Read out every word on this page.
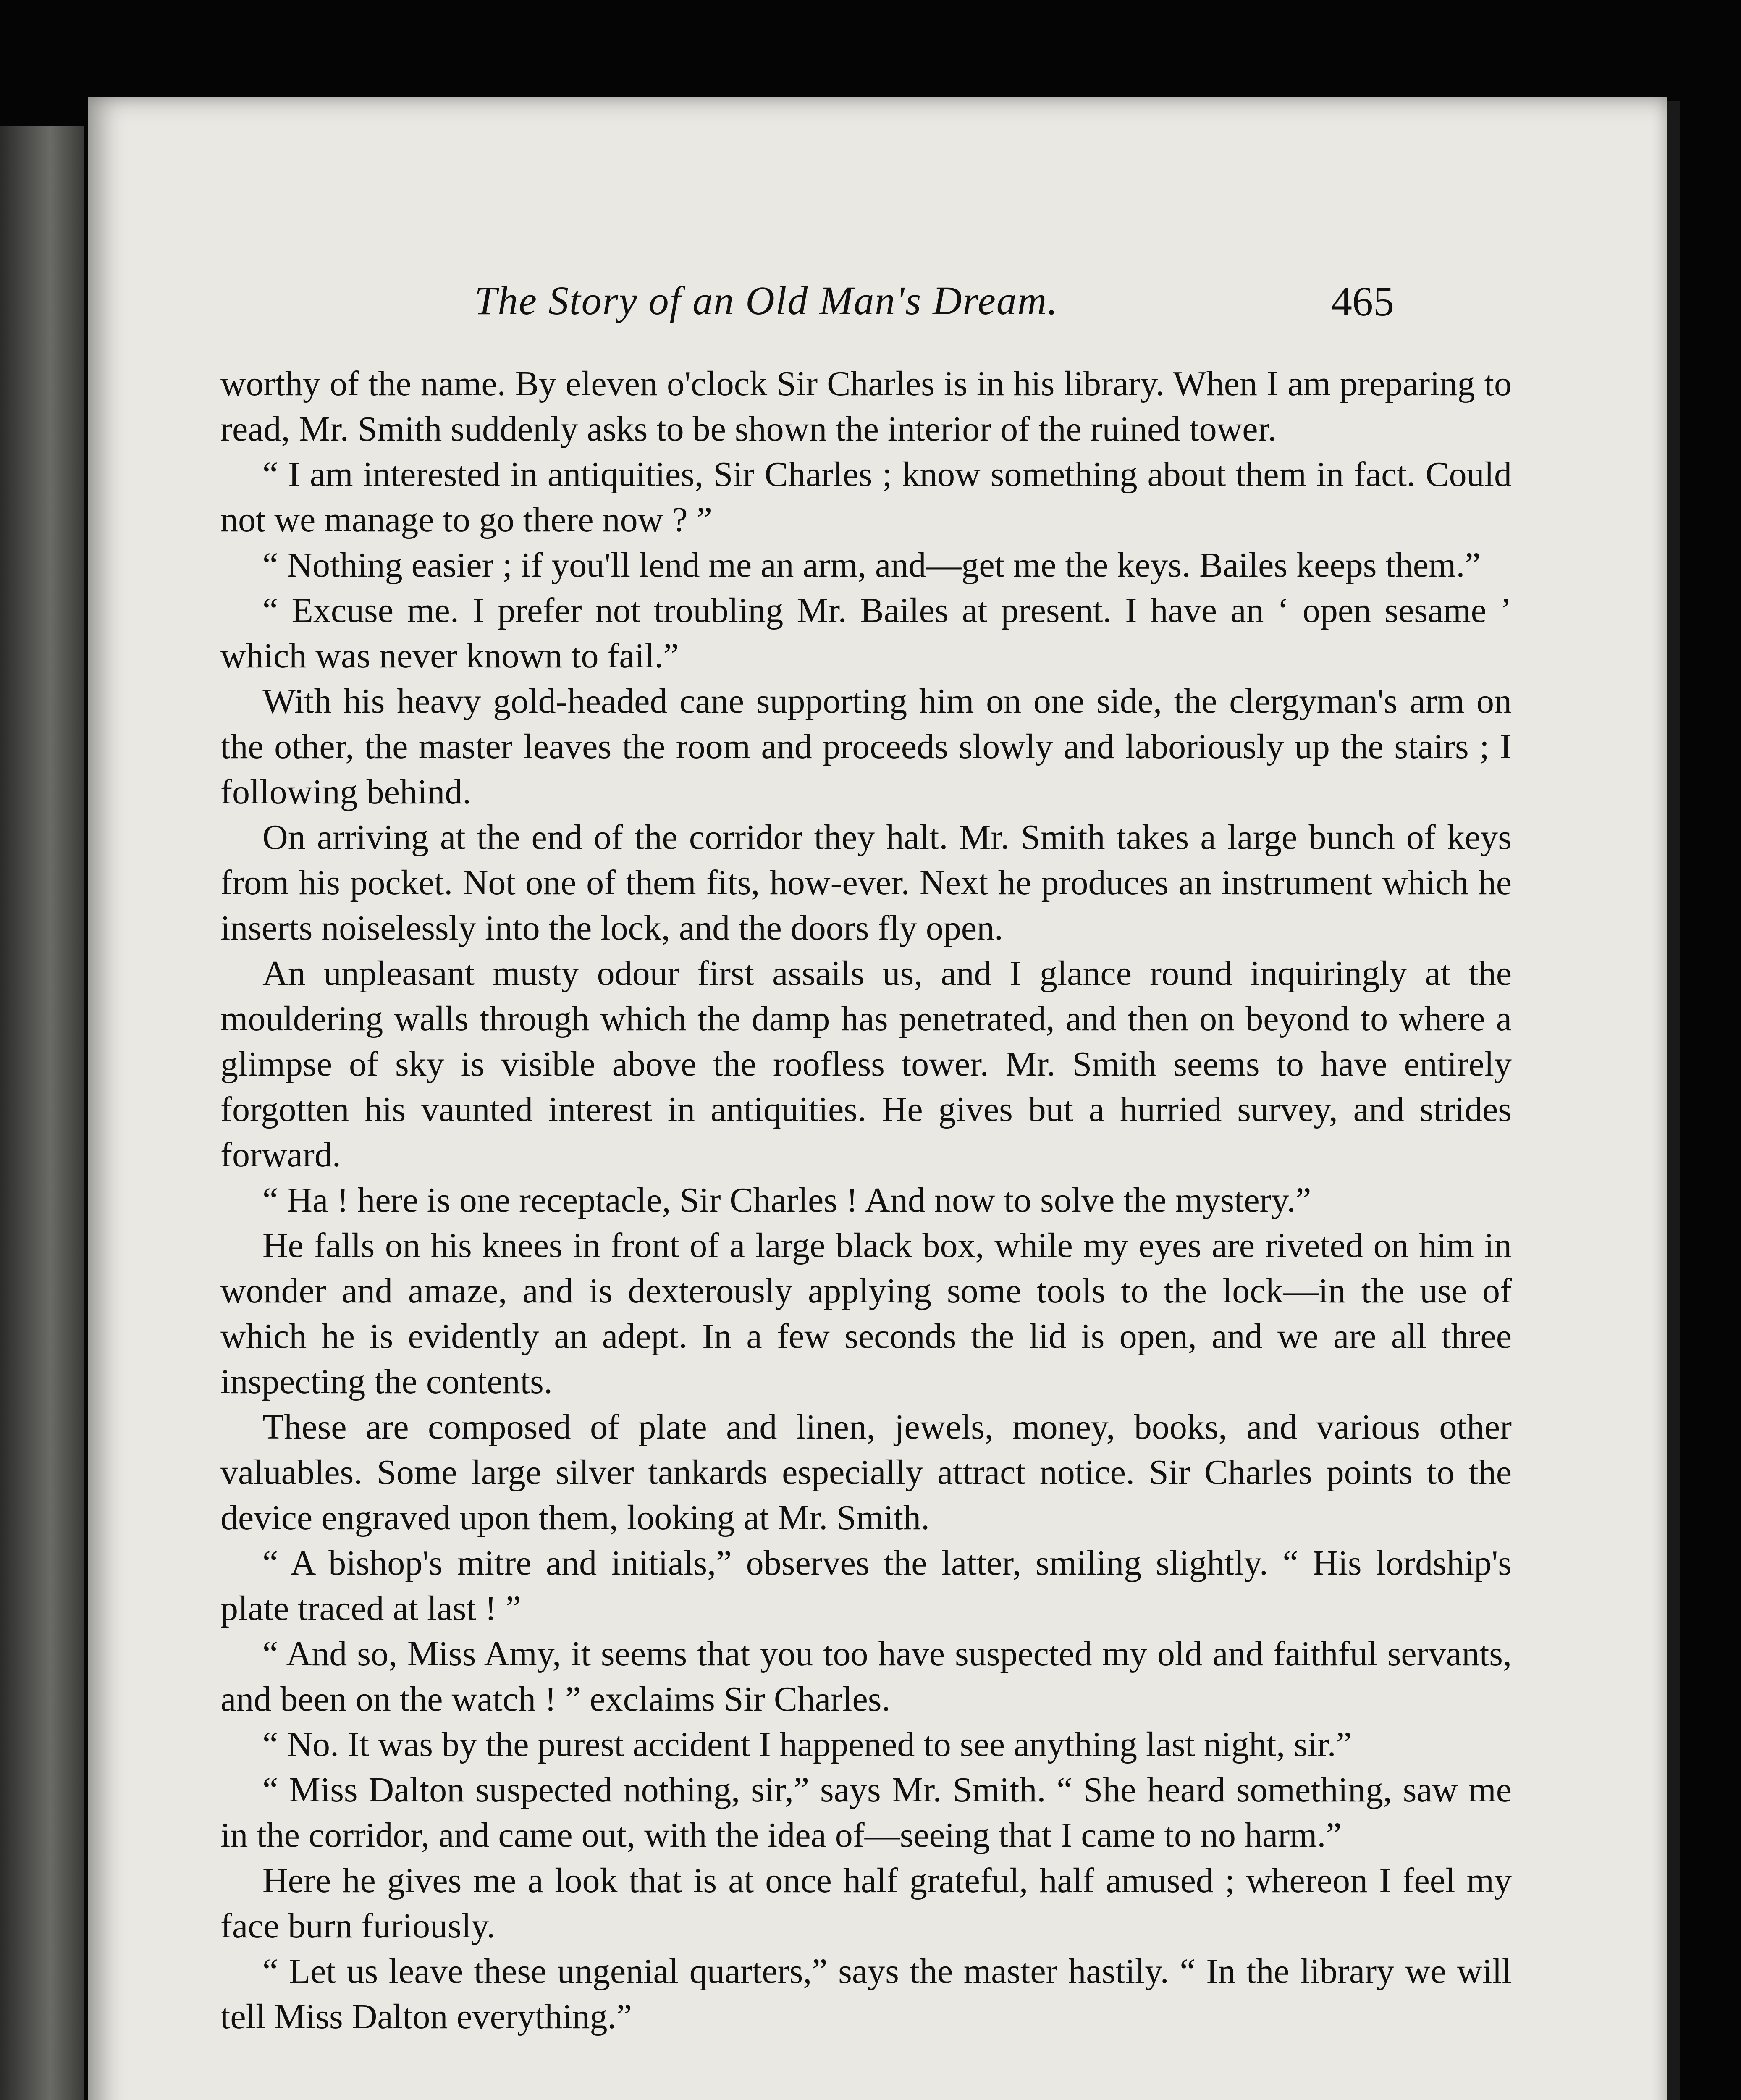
The Story of an Old Man's Dream.	465

worthy of the name. By eleven o'clock Sir Charles is in his library. When I am preparing to read, Mr. Smith suddenly asks to be shown the interior of the ruined tower.

“ I am interested in antiquities, Sir Charles ; know something about them in fact. Could not we manage to go there now ? ”

“ Nothing easier ; if you'll lend me an arm, and—get me the keys. Bailes keeps them.”

“ Excuse me. I prefer not troubling Mr. Bailes at present. I have an ‘ open sesame ’ which was never known to fail.”

With his heavy gold-headed cane supporting him on one side, the clergyman's arm on the other, the master leaves the room and proceeds slowly and laboriously up the stairs ; I following behind.

On arriving at the end of the corridor they halt. Mr. Smith takes a large bunch of keys from his pocket. Not one of them fits, how-ever. Next he produces an instrument which he inserts noiselessly into the lock, and the doors fly open.

An unpleasant musty odour first assails us, and I glance round inquiringly at the mouldering walls through which the damp has penetrated, and then on beyond to where a glimpse of sky is visible above the roofless tower. Mr. Smith seems to have entirely forgotten his vaunted interest in antiquities. He gives but a hurried survey, and strides forward.

“ Ha ! here is one receptacle, Sir Charles ! And now to solve the mystery.”

He falls on his knees in front of a large black box, while my eyes are riveted on him in wonder and amaze, and is dexterously applying some tools to the lock—in the use of which he is evidently an adept. In a few seconds the lid is open, and we are all three inspecting the contents.

These are composed of plate and linen, jewels, money, books, and various other valuables. Some large silver tankards especially attract notice. Sir Charles points to the device engraved upon them, looking at Mr. Smith.

“ A bishop's mitre and initials,” observes the latter, smiling slightly. “ His lordship's plate traced at last ! ”

“ And so, Miss Amy, it seems that you too have suspected my old and faithful servants, and been on the watch ! ” exclaims Sir Charles.

“ No. It was by the purest accident I happened to see anything last night, sir.”

“ Miss Dalton suspected nothing, sir,” says Mr. Smith. “ She heard something, saw me in the corridor, and came out, with the idea of—seeing that I came to no harm.”

Here he gives me a look that is at once half grateful, half amused ; whereon I feel my face burn furiously.

“ Let us leave these ungenial quarters,” says the master hastily. “ In the library we will tell Miss Dalton everything.”
